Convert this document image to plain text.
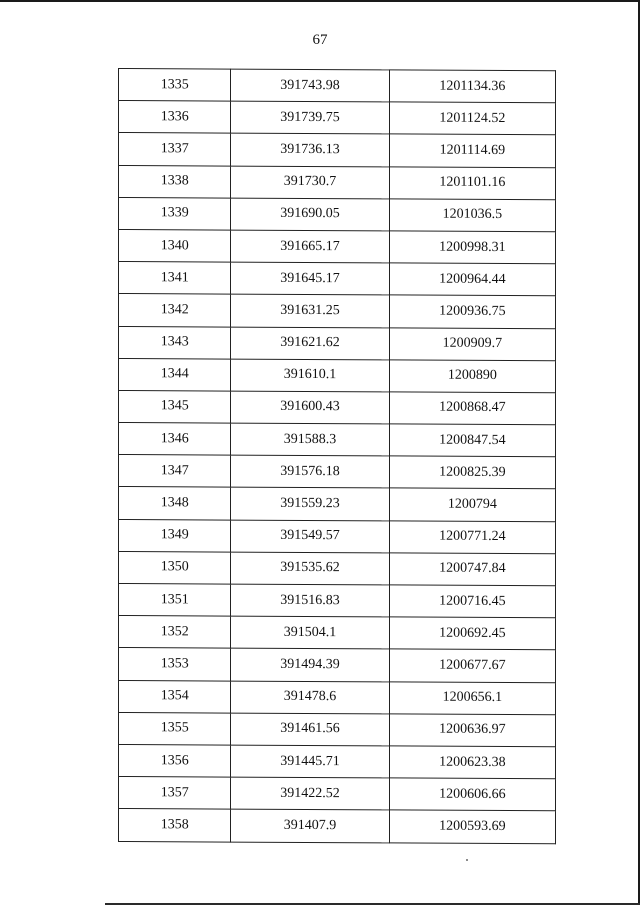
67
1335	391743.98	1201134.36
1336	391739.75	1201124.52
1337	391736.13	1201114.69
1338	391730.7	1201101.16
1339	391690.05	1201036.5
1340	391665.17	1200998.31
1341	391645.17	1200964.44
1342	391631.25	1200936.75
1343	391621.62	1200909.7
1344	391610.1	1200890
1345	391600.43	1200868.47
1346	391588.3	1200847.54
1347	391576.18	1200825.39
1348	391559.23	1200794
1349	391549.57	1200771.24
1350	391535.62	1200747.84
1351	391516.83	1200716.45
1352	391504.1	1200692.45
1353	391494.39	1200677.67
1354	391478.6	1200656.1
1355	391461.56	1200636.97
1356	391445.71	1200623.38
1357	391422.52	1200606.66
1358	391407.9	1200593.69
